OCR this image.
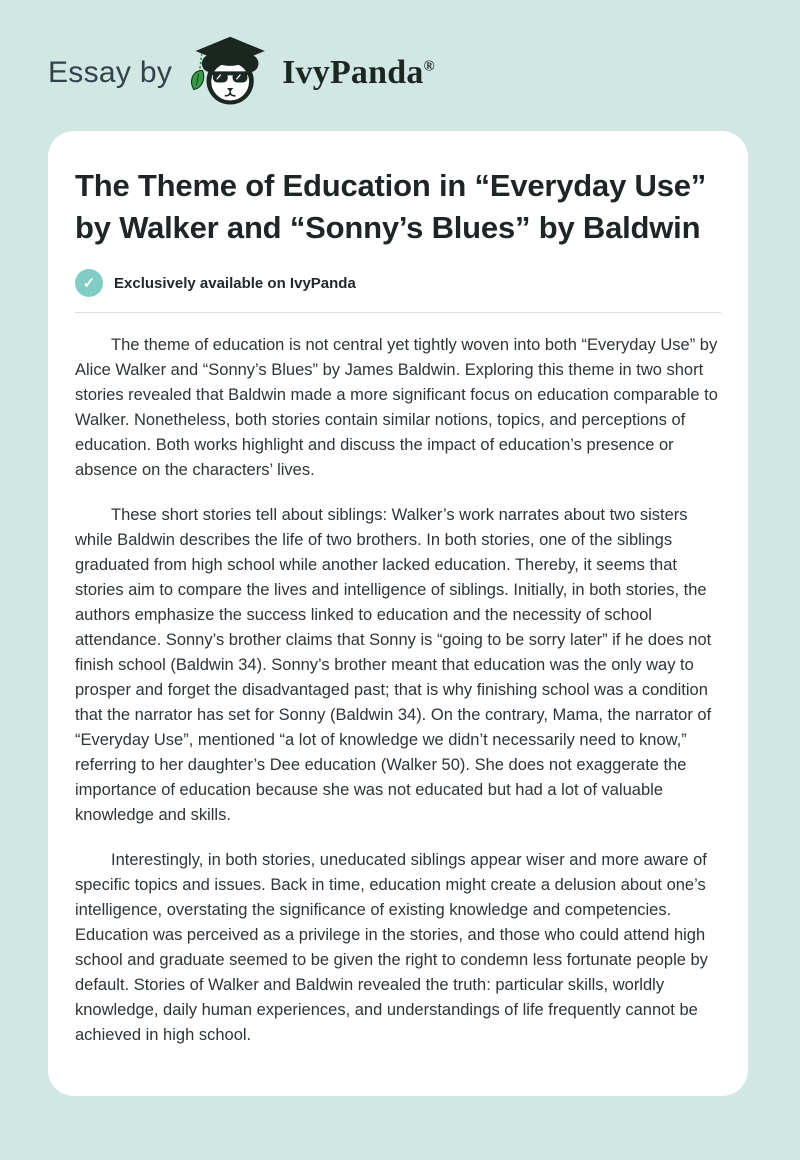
Essay by	IvyPanda®
The Theme of Education in “Everyday Use” by Walker and “Sonny’s Blues” by Baldwin
✓	Exclusively available on IvyPanda

The theme of education is not central yet tightly woven into both “Everyday Use” by Alice Walker and “Sonny’s Blues” by James Baldwin. Exploring this theme in two short stories revealed that Baldwin made a more significant focus on education comparable to Walker. Nonetheless, both stories contain similar notions, topics, and perceptions of education. Both works highlight and discuss the impact of education’s presence or absence on the characters’ lives.

These short stories tell about siblings: Walker’s work narrates about two sisters while Baldwin describes the life of two brothers. In both stories, one of the siblings graduated from high school while another lacked education. Thereby, it seems that stories aim to compare the lives and intelligence of siblings. Initially, in both stories, the authors emphasize the success linked to education and the necessity of school attendance. Sonny’s brother claims that Sonny is “going to be sorry later” if he does not finish school (Baldwin 34). Sonny’s brother meant that education was the only way to prosper and forget the disadvantaged past; that is why finishing school was a condition that the narrator has set for Sonny (Baldwin 34). On the contrary, Mama, the narrator of “Everyday Use”, mentioned “a lot of knowledge we didn’t necessarily need to know,” referring to her daughter’s Dee education (Walker 50). She does not exaggerate the importance of education because she was not educated but had a lot of valuable knowledge and skills.

Interestingly, in both stories, uneducated siblings appear wiser and more aware of specific topics and issues. Back in time, education might create a delusion about one’s intelligence, overstating the significance of existing knowledge and competencies. Education was perceived as a privilege in the stories, and those who could attend high school and graduate seemed to be given the right to condemn less fortunate people by default. Stories of Walker and Baldwin revealed the truth: particular skills, worldly knowledge, daily human experiences, and understandings of life frequently cannot be achieved in high school.
